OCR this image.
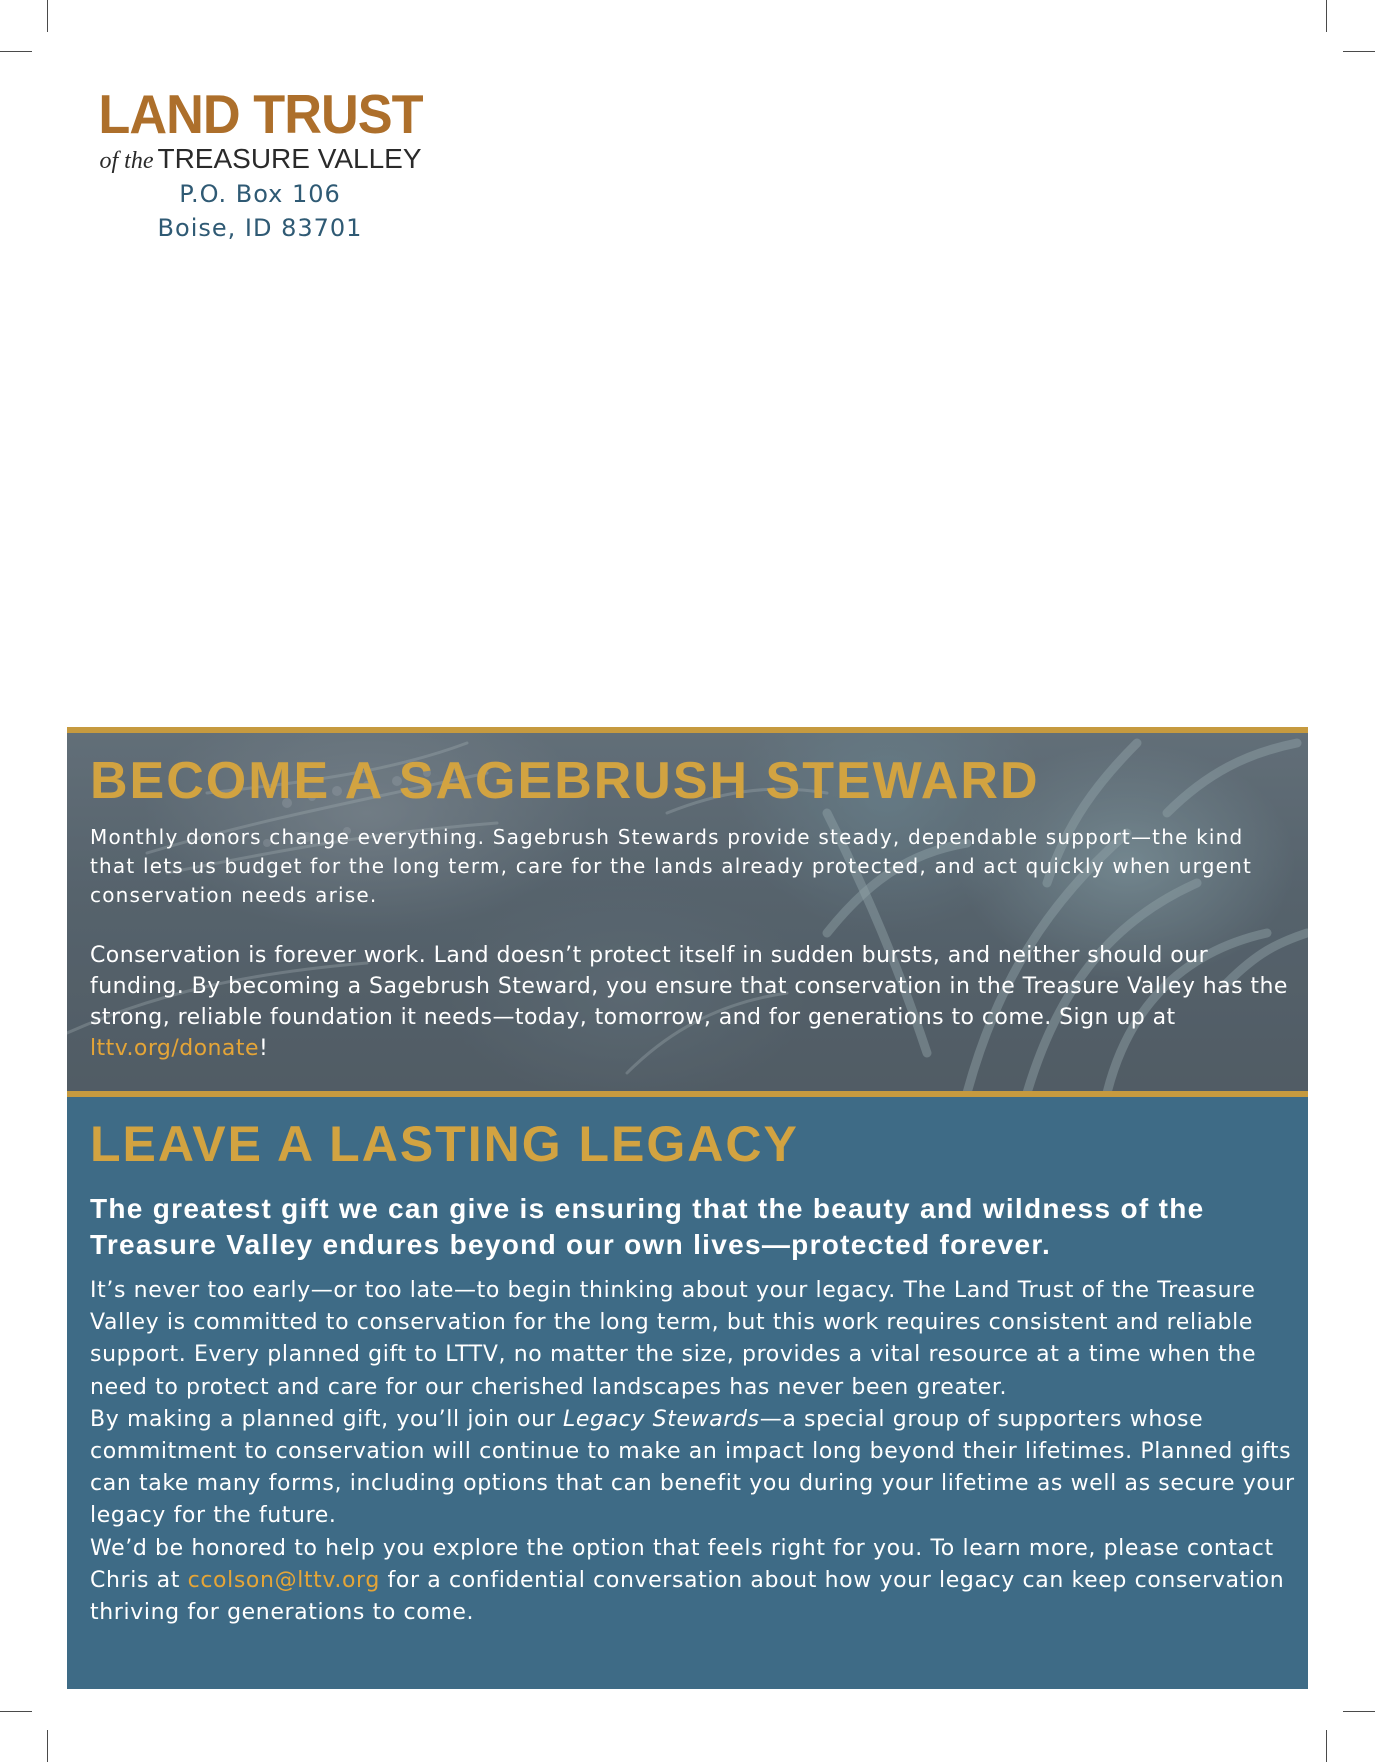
LAND TRUST
of the TREASURE VALLEY
P.O. Box 106
Boise, ID 83701
BECOME A SAGEBRUSH STEWARD

Monthly donors change everything. Sagebrush Stewards provide steady, dependable support—the kind that lets us budget for the long term, care for the lands already protected, and act quickly when urgent conservation needs arise.

Conservation is forever work. Land doesn’t protect itself in sudden bursts, and neither should our funding. By becoming a Sagebrush Steward, you ensure that conservation in the Treasure Valley has the strong, reliable foundation it needs—today, tomorrow, and for generations to come. Sign up at lttv.org/donate!

LEAVE A LASTING LEGACY

The greatest gift we can give is ensuring that the beauty and wildness of the Treasure Valley endures beyond our own lives—protected forever.

It’s never too early—or too late—to begin thinking about your legacy. The Land Trust of the Treasure Valley is committed to conservation for the long term, but this work requires consistent and reliable support. Every planned gift to LTTV, no matter the size, provides a vital resource at a time when the need to protect and care for our cherished landscapes has never been greater.

By making a planned gift, you’ll join our Legacy Stewards—a special group of supporters whose commitment to conservation will continue to make an impact long beyond their lifetimes. Planned gifts can take many forms, including options that can benefit you during your lifetime as well as secure your legacy for the future.

We’d be honored to help you explore the option that feels right for you. To learn more, please contact Chris at ccolson@lttv.org for a confidential conversation about how your legacy can keep conservation thriving for generations to come.
